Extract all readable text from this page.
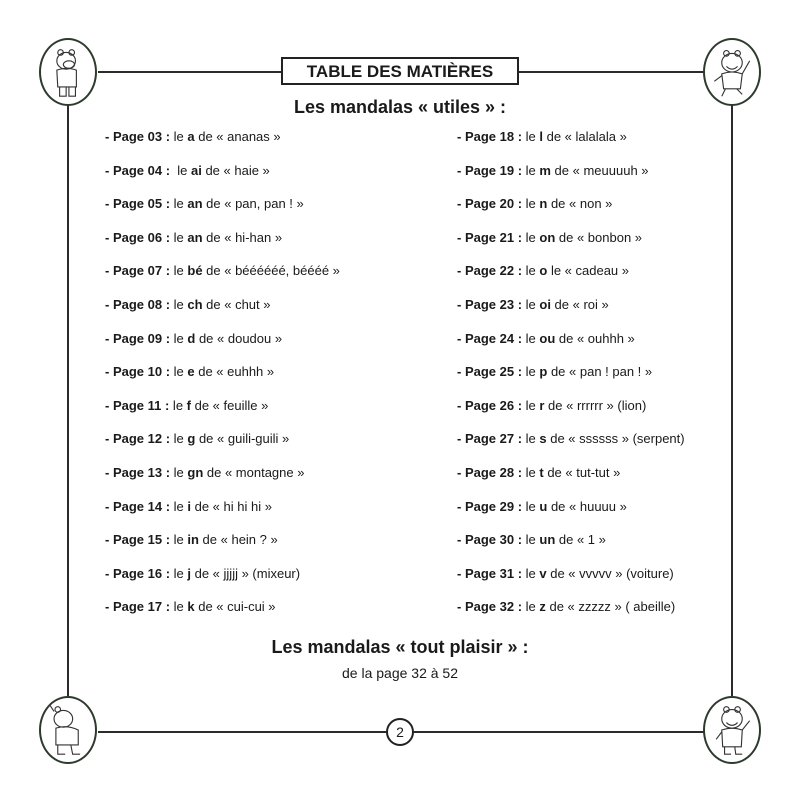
TABLE DES MATIÈRES
Les mandalas « utiles » :
- Page 03 : le a de « ananas »
- Page 04 :  le ai de « haie »
- Page 05 : le an de « pan, pan ! »
- Page 06 : le an de « hi-han »
- Page 07 : le bé de « béééééé, béééé »
- Page 08 : le ch de « chut »
- Page 09 : le d de « doudou »
- Page 10 : le e de « euhhh »
- Page 11 : le f de « feuille »
- Page 12 : le g de « guili-guili »
- Page 13 : le gn de « montagne »
- Page 14 : le i de « hi hi hi »
- Page 15 : le in de « hein ? »
- Page 16 : le j de « jjjjj » (mixeur)
- Page 17 : le k de « cui-cui »
- Page 18 : le l de « lalalala »
- Page 19 : le m de « meuuuuh »
- Page 20 : le n de « non »
- Page 21 : le on de « bonbon »
- Page 22 : le o le « cadeau »
- Page 23 : le oi de « roi »
- Page 24 : le ou de « ouhhh »
- Page 25 : le p de « pan ! pan ! »
- Page 26 : le r de « rrrrrr » (lion)
- Page 27 : le s de « ssssss » (serpent)
- Page 28 : le t de « tut-tut »
- Page 29 : le u de « huuuu »
- Page 30 : le un de « 1 »
- Page 31 : le v de « vvvvv » (voiture)
- Page 32 : le z de « zzzzz » ( abeille)
Les mandalas « tout plaisir » :
de la page 32 à 52
2
